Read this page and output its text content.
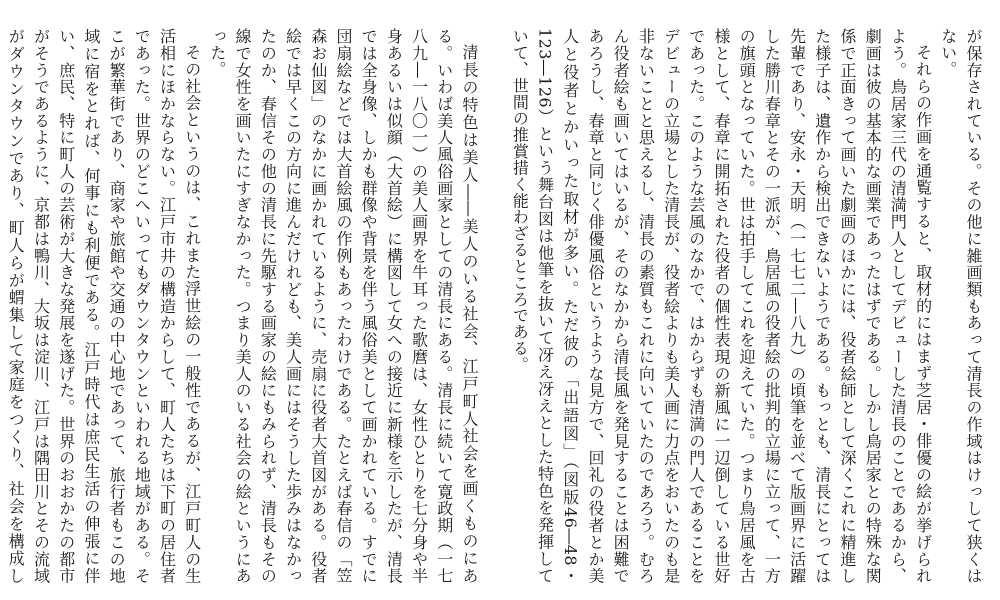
が保存されている。その他に雑画類もあって清長の作域はけっして狭くはない。

それらの作画を通覧すると、取材的にはまず芝居・俳優の絵が挙げられよう。鳥居家三代の清満門人としてデビューした清長のことであるから、劇画は彼の基本的な画業であったはずである。しかし鳥居家との特殊な関係で正面きって画いた劇画のほかには、役者絵師として深くこれに精進した様子は、遺作から検出できないようである。もっとも、清長にとっては先輩であり、安永・天明（一七七二―八九）の頃筆を並べて版画界に活躍した勝川春章とその一派が、鳥居風の役者絵の批判的立場に立って、一方の旗頭となっていた。世は拍手してこれを迎えていた。つまり鳥居風を古様として、春章に開拓された役者の個性表現の新風に一辺倒している世好であった。このような芸風のなかで、はからずも清満の門人であることをデビューの立場とした清長が、役者絵よりも美人画に力点をおいたのも是非ないことと思えるし、清長の素質もこれに向いていたのであろう。むろん役者絵も画いてはいるが、そのなかから清長風を発見することは困難であろうし、春章と同じく俳優風俗というような見方で、回礼の役者とか美人と役者とかいった取材が多い。ただ彼の「出語図」（図版46―48・123―126）という舞台図は他筆を抜いて冴え冴えとした特色を発揮していて、世間の推賞措く能わざるところである。

清長の特色は美人――美人のいる社会、江戸町人社会を画くものにある。いわば美人風俗画家としての清長にある。清長に続いて寛政期（一七八九―一八〇一）の美人画界を牛耳った歌麿は、女性ひとりを七分身や半身あるいは似顔（大首絵）に構図して女への接近に新様を示したが、清長では全身像、しかも群像や背景を伴う風俗美として画かれている。すでに団扇絵などでは大首絵風の作例もあったわけである。たとえば春信の「笠森お仙図」のなかに画かれているように、売扇に役者大首図がある。役者絵では早くこの方向に進んだけれども、美人画にはそうした歩みはなかったのか、春信その他の清長に先駆する画家の絵にもみられず、清長もその線で女性を画いたにすぎなかった。つまり美人のいる社会の絵というにあった。

その社会というのは、これまた浮世絵の一般性であるが、江戸町人の生活相にほかならない。江戸市井の構造からして、町人たちは下町の居住者であった。世界のどこへいってもダウンタウンといわれる地域がある。そこが繁華街であり、商家や旅館や交通の中心地であって、旅行者もこの地域に宿をとれば、何事にも利便である。江戸時代は庶民生活の伸張に伴い、庶民、特に町人の芸術が大きな発展を遂げた。世界のおおかたの都市がそうであるように、京都は鴨川、大坂は淀川、江戸は隅田川とその流域がダウンタウンであり、町人らが蝟集して家庭をつくり、社会を構成し
